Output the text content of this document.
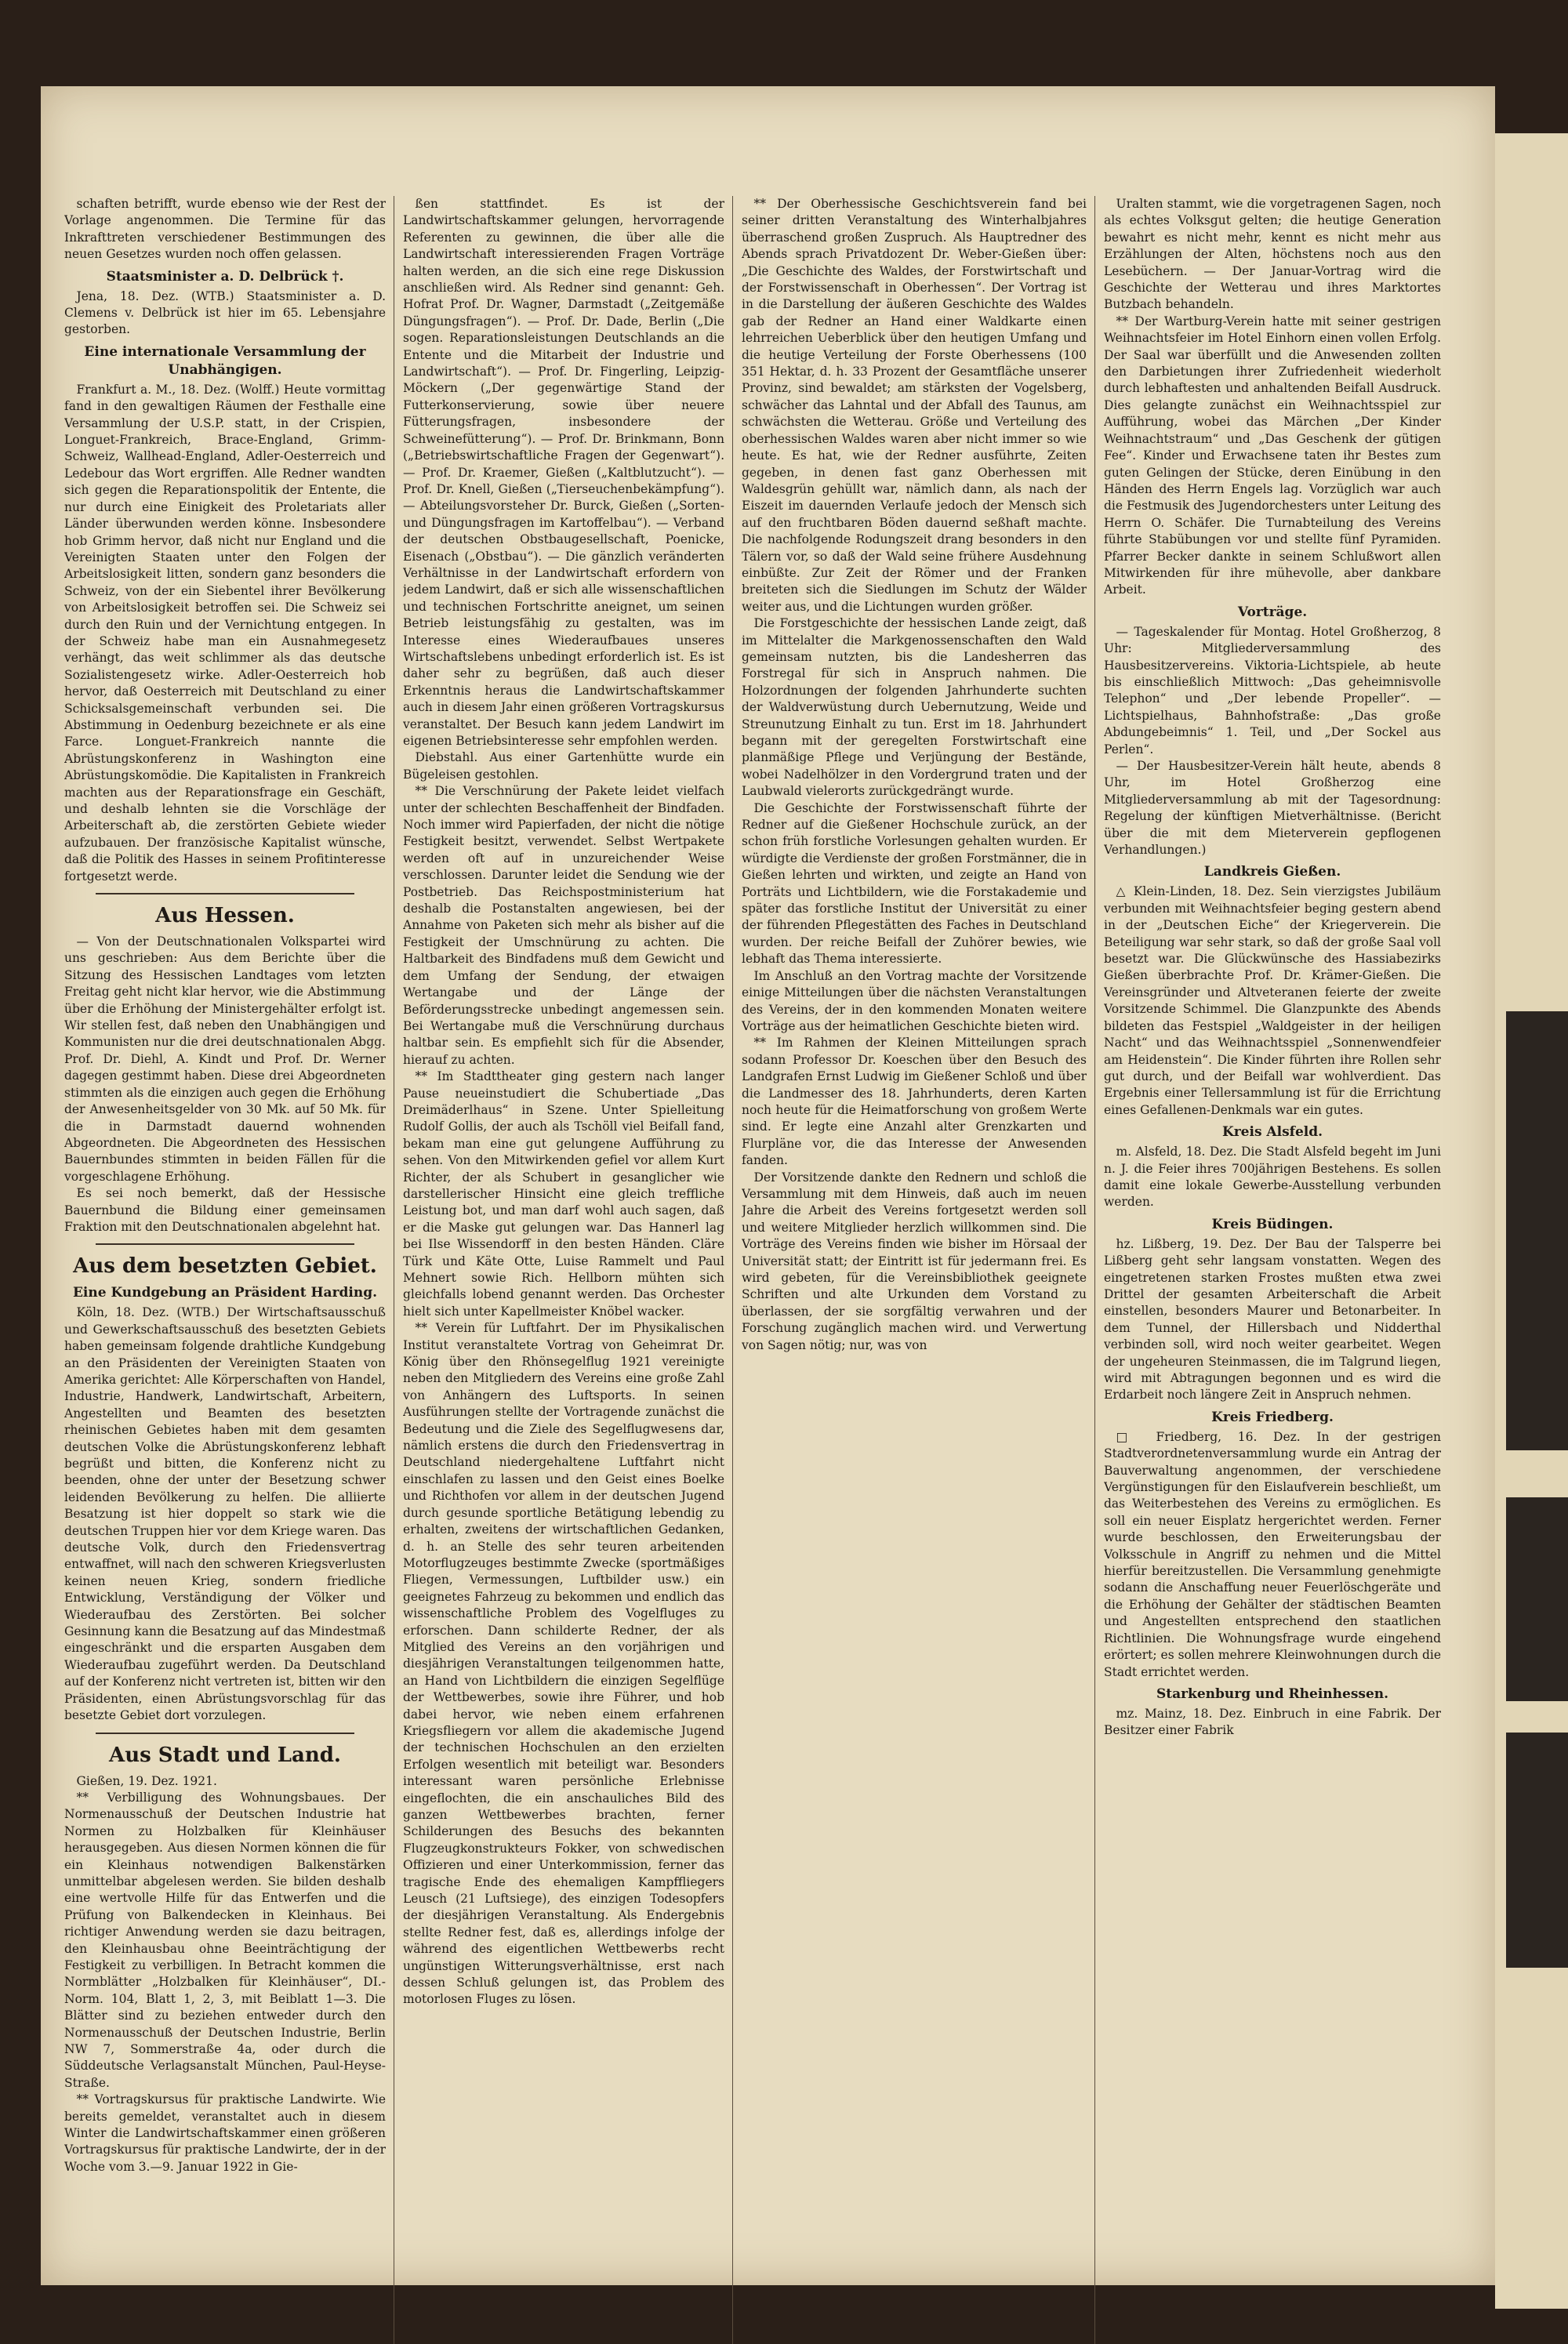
schaften betrifft, wurde ebenso wie der Rest der Vorlage angenommen. Die Termine für das Inkrafttreten verschiedener Bestimmungen des neuen Gesetzes wurden noch offen gelassen.

Staatsminister a. D. Delbrück †.

Jena, 18. Dez. (WTB.) Staatsminister a. D. Clemens v. Delbrück ist hier im 65. Lebensjahre gestorben.

Eine internationale Versammlung der Unabhängigen.

Frankfurt a. M., 18. Dez. (Wolff.) Heute vormittag fand in den gewaltigen Räumen der Festhalle eine Versammlung der U.S.P. statt, in der Crispien, Longuet-Frankreich, Brace-England, Grimm-Schweiz, Wallhead-England, Adler-Oesterreich und Ledebour das Wort ergriffen. Alle Redner wandten sich gegen die Reparationspolitik der Entente, die nur durch eine Einigkeit des Proletariats aller Länder überwunden werden könne. Insbesondere hob Grimm hervor, daß nicht nur England und die Vereinigten Staaten unter den Folgen der Arbeitslosigkeit litten, sondern ganz besonders die Schweiz, von der ein Siebentel ihrer Bevölkerung von Arbeitslosigkeit betroffen sei. Die Schweiz sei durch den Ruin und der Vernichtung entgegen. In der Schweiz habe man ein Ausnahmegesetz verhängt, das weit schlimmer als das deutsche Sozialistengesetz wirke. Adler-Oesterreich hob hervor, daß Oesterreich mit Deutschland zu einer Schicksalsgemeinschaft verbunden sei. Die Abstimmung in Oedenburg bezeichnete er als eine Farce. Longuet-Frankreich nannte die Abrüstungskonferenz in Washington eine Abrüstungskomödie. Die Kapitalisten in Frankreich machten aus der Reparationsfrage ein Geschäft, und deshalb lehnten sie die Vorschläge der Arbeiterschaft ab, die zerstörten Gebiete wieder aufzubauen. Der französische Kapitalist wünsche, daß die Politik des Hasses in seinem Profitinteresse fortgesetzt werde.

Aus Hessen.

— Von der Deutschnationalen Volkspartei wird uns geschrieben: Aus dem Berichte über die Sitzung des Hessischen Landtages vom letzten Freitag geht nicht klar hervor, wie die Abstimmung über die Erhöhung der Ministergehälter erfolgt ist. Wir stellen fest, daß neben den Unabhängigen und Kommunisten nur die drei deutschnationalen Abgg. Prof. Dr. Diehl, A. Kindt und Prof. Dr. Werner dagegen gestimmt haben. Diese drei Abgeordneten stimmten als die einzigen auch gegen die Erhöhung der Anwesenheitsgelder von 30 Mk. auf 50 Mk. für die in Darmstadt dauernd wohnenden Abgeordneten. Die Abgeordneten des Hessischen Bauernbundes stimmten in beiden Fällen für die vorgeschlagene Erhöhung.

Es sei noch bemerkt, daß der Hessische Bauernbund die Bildung einer gemeinsamen Fraktion mit den Deutschnationalen abgelehnt hat.

Aus dem besetzten Gebiet.
Eine Kundgebung an Präsident Harding.

Köln, 18. Dez. (WTB.) Der Wirtschaftsausschuß und Gewerkschaftsausschuß des besetzten Gebiets haben gemeinsam folgende drahtliche Kundgebung an den Präsidenten der Vereinigten Staaten von Amerika gerichtet: Alle Körperschaften von Handel, Industrie, Handwerk, Landwirtschaft, Arbeitern, Angestellten und Beamten des besetzten rheinischen Gebietes haben mit dem gesamten deutschen Volke die Abrüstungskonferenz lebhaft begrüßt und bitten, die Konferenz nicht zu beenden, ohne der unter der Besetzung schwer leidenden Bevölkerung zu helfen. Die alliierte Besatzung ist hier doppelt so stark wie die deutschen Truppen hier vor dem Kriege waren. Das deutsche Volk, durch den Friedensvertrag entwaffnet, will nach den schweren Kriegsverlusten keinen neuen Krieg, sondern friedliche Entwicklung, Verständigung der Völker und Wiederaufbau des Zerstörten. Bei solcher Gesinnung kann die Besatzung auf das Mindestmaß eingeschränkt und die ersparten Ausgaben dem Wiederaufbau zugeführt werden. Da Deutschland auf der Konferenz nicht vertreten ist, bitten wir den Präsidenten, einen Abrüstungsvorschlag für das besetzte Gebiet dort vorzulegen.

Aus Stadt und Land.

Gießen, 19. Dez. 1921.

** Verbilligung des Wohnungsbaues. Der Normenausschuß der Deutschen Industrie hat Normen zu Holzbalken für Kleinhäuser herausgegeben. Aus diesen Normen können die für ein Kleinhaus notwendigen Balkenstärken unmittelbar abgelesen werden. Sie bilden deshalb eine wertvolle Hilfe für das Entwerfen und die Prüfung von Balkendecken in Kleinhaus. Bei richtiger Anwendung werden sie dazu beitragen, den Kleinhausbau ohne Beeinträchtigung der Festigkeit zu verbilligen. In Betracht kommen die Normblätter „Holzbalken für Kleinhäuser“, DI.-Norm. 104, Blatt 1, 2, 3, mit Beiblatt 1—3. Die Blätter sind zu beziehen entweder durch den Normenausschuß der Deutschen Industrie, Berlin NW 7, Sommerstraße 4a, oder durch die Süddeutsche Verlagsanstalt München, Paul-Heyse-Straße.

** Vortragskursus für praktische Landwirte. Wie bereits gemeldet, veranstaltet auch in diesem Winter die Landwirtschaftskammer einen größeren Vortragskursus für praktische Landwirte, der in der Woche vom 3.—9. Januar 1922 in Gie-

ßen stattfindet. Es ist der Landwirtschaftskammer gelungen, hervorragende Referenten zu gewinnen, die über alle die Landwirtschaft interessierenden Fragen Vorträge halten werden, an die sich eine rege Diskussion anschließen wird. Als Redner sind genannt: Geh. Hofrat Prof. Dr. Wagner, Darmstadt („Zeitgemäße Düngungsfragen“). — Prof. Dr. Dade, Berlin („Die sogen. Reparationsleistungen Deutschlands an die Entente und die Mitarbeit der Industrie und Landwirtschaft“). — Prof. Dr. Fingerling, Leipzig-Möckern („Der gegenwärtige Stand der Futterkonservierung, sowie über neuere Fütterungsfragen, insbesondere der Schweinefütterung“). — Prof. Dr. Brinkmann, Bonn („Betriebswirtschaftliche Fragen der Gegenwart“). — Prof. Dr. Kraemer, Gießen („Kaltblutzucht“). — Prof. Dr. Knell, Gießen („Tierseuchenbekämpfung“). — Abteilungsvorsteher Dr. Burck, Gießen („Sorten- und Düngungsfragen im Kartoffelbau“). — Verband der deutschen Obstbaugesellschaft, Poenicke, Eisenach („Obstbau“). — Die gänzlich veränderten Verhältnisse in der Landwirtschaft erfordern von jedem Landwirt, daß er sich alle wissenschaftlichen und technischen Fortschritte aneignet, um seinen Betrieb leistungsfähig zu gestalten, was im Interesse eines Wiederaufbaues unseres Wirtschaftslebens unbedingt erforderlich ist. Es ist daher sehr zu begrüßen, daß auch dieser Erkenntnis heraus die Landwirtschaftskammer auch in diesem Jahr einen größeren Vortragskursus veranstaltet. Der Besuch kann jedem Landwirt im eigenen Betriebsinteresse sehr empfohlen werden.

Diebstahl. Aus einer Gartenhütte wurde ein Bügeleisen gestohlen.

** Die Verschnürung der Pakete leidet vielfach unter der schlechten Beschaffenheit der Bindfaden. Noch immer wird Papierfaden, der nicht die nötige Festigkeit besitzt, verwendet. Selbst Wertpakete werden oft auf in unzureichender Weise verschlossen. Darunter leidet die Sendung wie der Postbetrieb. Das Reichspostministerium hat deshalb die Postanstalten angewiesen, bei der Annahme von Paketen sich mehr als bisher auf die Festigkeit der Umschnürung zu achten. Die Haltbarkeit des Bindfadens muß dem Gewicht und dem Umfang der Sendung, der etwaigen Wertangabe und der Länge der Beförderungsstrecke unbedingt angemessen sein. Bei Wertangabe muß die Verschnürung durchaus haltbar sein. Es empfiehlt sich für die Absender, hierauf zu achten.

** Im Stadttheater ging gestern nach langer Pause neueinstudiert die Schubertiade „Das Dreimäderlhaus“ in Szene. Unter Spielleitung Rudolf Gollis, der auch als Tschöll viel Beifall fand, bekam man eine gut gelungene Aufführung zu sehen. Von den Mitwirkenden gefiel vor allem Kurt Richter, der als Schubert in gesanglicher wie darstellerischer Hinsicht eine gleich treffliche Leistung bot, und man darf wohl auch sagen, daß er die Maske gut gelungen war. Das Hannerl lag bei Ilse Wissendorff in den besten Händen. Cläre Türk und Käte Otte, Luise Rammelt und Paul Mehnert sowie Rich. Hellborn mühten sich gleichfalls lobend genannt werden. Das Orchester hielt sich unter Kapellmeister Knöbel wacker.

** Verein für Luftfahrt. Der im Physikalischen Institut veranstaltete Vortrag von Geheimrat Dr. König über den Rhönsegelflug 1921 vereinigte neben den Mitgliedern des Vereins eine große Zahl von Anhängern des Luftsports. In seinen Ausführungen stellte der Vortragende zunächst die Bedeutung und die Ziele des Segelflugwesens dar, nämlich erstens die durch den Friedensvertrag in Deutschland niedergehaltene Luftfahrt nicht einschlafen zu lassen und den Geist eines Boelke und Richthofen vor allem in der deutschen Jugend durch gesunde sportliche Betätigung lebendig zu erhalten, zweitens der wirtschaftlichen Gedanken, d. h. an Stelle des sehr teuren arbeitenden Motorflugzeuges bestimmte Zwecke (sportmäßiges Fliegen, Vermessungen, Luftbilder usw.) ein geeignetes Fahrzeug zu bekommen und endlich das wissenschaftliche Problem des Vogelfluges zu erforschen. Dann schilderte Redner, der als Mitglied des Vereins an den vorjährigen und diesjährigen Veranstaltungen teilgenommen hatte, an Hand von Lichtbildern die einzigen Segelflüge der Wettbewerbes, sowie ihre Führer, und hob dabei hervor, wie neben einem erfahrenen Kriegsfliegern vor allem die akademische Jugend der technischen Hochschulen an den erzielten Erfolgen wesentlich mit beteiligt war. Besonders interessant waren persönliche Erlebnisse eingeflochten, die ein anschauliches Bild des ganzen Wettbewerbes brachten, ferner Schilderungen des Besuchs des bekannten Flugzeugkonstrukteurs Fokker, von schwedischen Offizieren und einer Unterkommission, ferner das tragische Ende des ehemaligen Kampffliegers Leusch (21 Luftsiege), des einzigen Todesopfers der diesjährigen Veranstaltung. Als Endergebnis stellte Redner fest, daß es, allerdings infolge der während des eigentlichen Wettbewerbs recht ungünstigen Witterungsverhältnisse, erst nach dessen Schluß gelungen ist, das Problem des motorlosen Fluges zu lösen.

** Der Oberhessische Geschichtsverein fand bei seiner dritten Veranstaltung des Winterhalbjahres überraschend großen Zuspruch. Als Hauptredner des Abends sprach Privatdozent Dr. Weber-Gießen über: „Die Geschichte des Waldes, der Forstwirtschaft und der Forstwissenschaft in Oberhessen“. Der Vortrag ist in die Darstellung der äußeren Geschichte des Waldes gab der Redner an Hand einer Waldkarte einen lehrreichen Ueberblick über den heutigen Umfang und die heutige Verteilung der Forste Oberhessens (100 351 Hektar, d. h. 33 Prozent der Gesamtfläche unserer Provinz, sind bewaldet; am stärksten der Vogelsberg, schwächer das Lahntal und der Abfall des Taunus, am schwächsten die Wetterau. Größe und Verteilung des oberhessischen Waldes waren aber nicht immer so wie heute. Es hat, wie der Redner ausführte, Zeiten gegeben, in denen fast ganz Oberhessen mit Waldesgrün gehüllt war, nämlich dann, als nach der Eiszeit im dauernden Verlaufe jedoch der Mensch sich auf den fruchtbaren Böden dauernd seßhaft machte. Die nachfolgende Rodungszeit drang besonders in den Tälern vor, so daß der Wald seine frühere Ausdehnung einbüßte. Zur Zeit der Römer und der Franken breiteten sich die Siedlungen im Schutz der Wälder weiter aus, und die Lichtungen wurden größer.

Die Forstgeschichte der hessischen Lande zeigt, daß im Mittelalter die Markgenossenschaften den Wald gemeinsam nutzten, bis die Landesherren das Forstregal für sich in Anspruch nahmen. Die Holzordnungen der folgenden Jahrhunderte suchten der Waldverwüstung durch Uebernutzung, Weide und Streunutzung Einhalt zu tun. Erst im 18. Jahrhundert begann mit der geregelten Forstwirtschaft eine planmäßige Pflege und Verjüngung der Bestände, wobei Nadelhölzer in den Vordergrund traten und der Laubwald vielerorts zurückgedrängt wurde.

Die Geschichte der Forstwissenschaft führte der Redner auf die Gießener Hochschule zurück, an der schon früh forstliche Vorlesungen gehalten wurden. Er würdigte die Verdienste der großen Forstmänner, die in Gießen lehrten und wirkten, und zeigte an Hand von Porträts und Lichtbildern, wie die Forstakademie und später das forstliche Institut der Universität zu einer der führenden Pflegestätten des Faches in Deutschland wurden. Der reiche Beifall der Zuhörer bewies, wie lebhaft das Thema interessierte.

Im Anschluß an den Vortrag machte der Vorsitzende einige Mitteilungen über die nächsten Veranstaltungen des Vereins, der in den kommenden Monaten weitere Vorträge aus der heimatlichen Geschichte bieten wird.

** Im Rahmen der Kleinen Mitteilungen sprach sodann Professor Dr. Koeschen über den Besuch des Landgrafen Ernst Ludwig im Gießener Schloß und über die Landmesser des 18. Jahrhunderts, deren Karten noch heute für die Heimatforschung von großem Werte sind. Er legte eine Anzahl alter Grenzkarten und Flurpläne vor, die das Interesse der Anwesenden fanden.

Der Vorsitzende dankte den Rednern und schloß die Versammlung mit dem Hinweis, daß auch im neuen Jahre die Arbeit des Vereins fortgesetzt werden soll und weitere Mitglieder herzlich willkommen sind. Die Vorträge des Vereins finden wie bisher im Hörsaal der Universität statt; der Eintritt ist für jedermann frei. Es wird gebeten, für die Vereinsbibliothek geeignete Schriften und alte Urkunden dem Vorstand zu überlassen, der sie sorgfältig verwahren und der Forschung zugänglich machen wird. und Verwertung von Sagen nötig; nur, was von

Uralten stammt, wie die vorgetragenen Sagen, noch als echtes Volksgut gelten; die heutige Generation bewahrt es nicht mehr, kennt es nicht mehr aus Erzählungen der Alten, höchstens noch aus den Lesebüchern. — Der Januar-Vortrag wird die Geschichte der Wetterau und ihres Marktortes Butzbach behandeln.

** Der Wartburg-Verein hatte mit seiner gestrigen Weihnachtsfeier im Hotel Einhorn einen vollen Erfolg. Der Saal war überfüllt und die Anwesenden zollten den Darbietungen ihrer Zufriedenheit wiederholt durch lebhaftesten und anhaltenden Beifall Ausdruck. Dies gelangte zunächst ein Weihnachtsspiel zur Aufführung, wobei das Märchen „Der Kinder Weihnachtstraum“ und „Das Geschenk der gütigen Fee“. Kinder und Erwachsene taten ihr Bestes zum guten Gelingen der Stücke, deren Einübung in den Händen des Herrn Engels lag. Vorzüglich war auch die Festmusik des Jugendorchesters unter Leitung des Herrn O. Schäfer. Die Turnabteilung des Vereins führte Stabübungen vor und stellte fünf Pyramiden. Pfarrer Becker dankte in seinem Schlußwort allen Mitwirkenden für ihre mühevolle, aber dankbare Arbeit.

Vorträge.

— Tageskalender für Montag. Hotel Großherzog, 8 Uhr: Mitgliederversammlung des Hausbesitzervereins. Viktoria-Lichtspiele, ab heute bis einschließlich Mittwoch: „Das geheimnisvolle Telephon“ und „Der lebende Propeller“. — Lichtspielhaus, Bahnhofstraße: „Das große Abdungebeimnis“ 1. Teil, und „Der Sockel aus Perlen“.

— Der Hausbesitzer-Verein hält heute, abends 8 Uhr, im Hotel Großherzog eine Mitgliederversammlung ab mit der Tagesordnung: Regelung der künftigen Mietverhältnisse. (Bericht über die mit dem Mieterverein gepflogenen Verhandlungen.)

Landkreis Gießen.

△ Klein-Linden, 18. Dez. Sein vierzigstes Jubiläum verbunden mit Weihnachtsfeier beging gestern abend in der „Deutschen Eiche“ der Kriegerverein. Die Beteiligung war sehr stark, so daß der große Saal voll besetzt war. Die Glückwünsche des Hassiabezirks Gießen überbrachte Prof. Dr. Krämer-Gießen. Die Vereinsgründer und Altveteranen feierte der zweite Vorsitzende Schimmel. Die Glanzpunkte des Abends bildeten das Festspiel „Waldgeister in der heiligen Nacht“ und das Weihnachtsspiel „Sonnenwendfeier am Heidenstein“. Die Kinder führten ihre Rollen sehr gut durch, und der Beifall war wohlverdient. Das Ergebnis einer Tellersammlung ist für die Errichtung eines Gefallenen-Denkmals war ein gutes.

Kreis Alsfeld.

m. Alsfeld, 18. Dez. Die Stadt Alsfeld begeht im Juni n. J. die Feier ihres 700jährigen Bestehens. Es sollen damit eine lokale Gewerbe-Ausstellung verbunden werden.

Kreis Büdingen.

hz. Lißberg, 19. Dez. Der Bau der Talsperre bei Lißberg geht sehr langsam vonstatten. Wegen des eingetretenen starken Frostes mußten etwa zwei Drittel der gesamten Arbeiterschaft die Arbeit einstellen, besonders Maurer und Betonarbeiter. In dem Tunnel, der Hillersbach und Nidderthal verbinden soll, wird noch weiter gearbeitet. Wegen der ungeheuren Steinmassen, die im Talgrund liegen, wird mit Abtragungen begonnen und es wird die Erdarbeit noch längere Zeit in Anspruch nehmen.

Kreis Friedberg.

□ Friedberg, 16. Dez. In der gestrigen Stadtverordnetenversammlung wurde ein Antrag der Bauverwaltung angenommen, der verschiedene Vergünstigungen für den Eislaufverein beschließt, um das Weiterbestehen des Vereins zu ermöglichen. Es soll ein neuer Eisplatz hergerichtet werden. Ferner wurde beschlossen, den Erweiterungsbau der Volksschule in Angriff zu nehmen und die Mittel hierfür bereitzustellen. Die Versammlung genehmigte sodann die Anschaffung neuer Feuerlöschgeräte und die Erhöhung der Gehälter der städtischen Beamten und Angestellten entsprechend den staatlichen Richtlinien. Die Wohnungsfrage wurde eingehend erörtert; es sollen mehrere Kleinwohnungen durch die Stadt errichtet werden.

Starkenburg und Rheinhessen.

mz. Mainz, 18. Dez. Einbruch in eine Fabrik. Der Besitzer einer Fabrik
